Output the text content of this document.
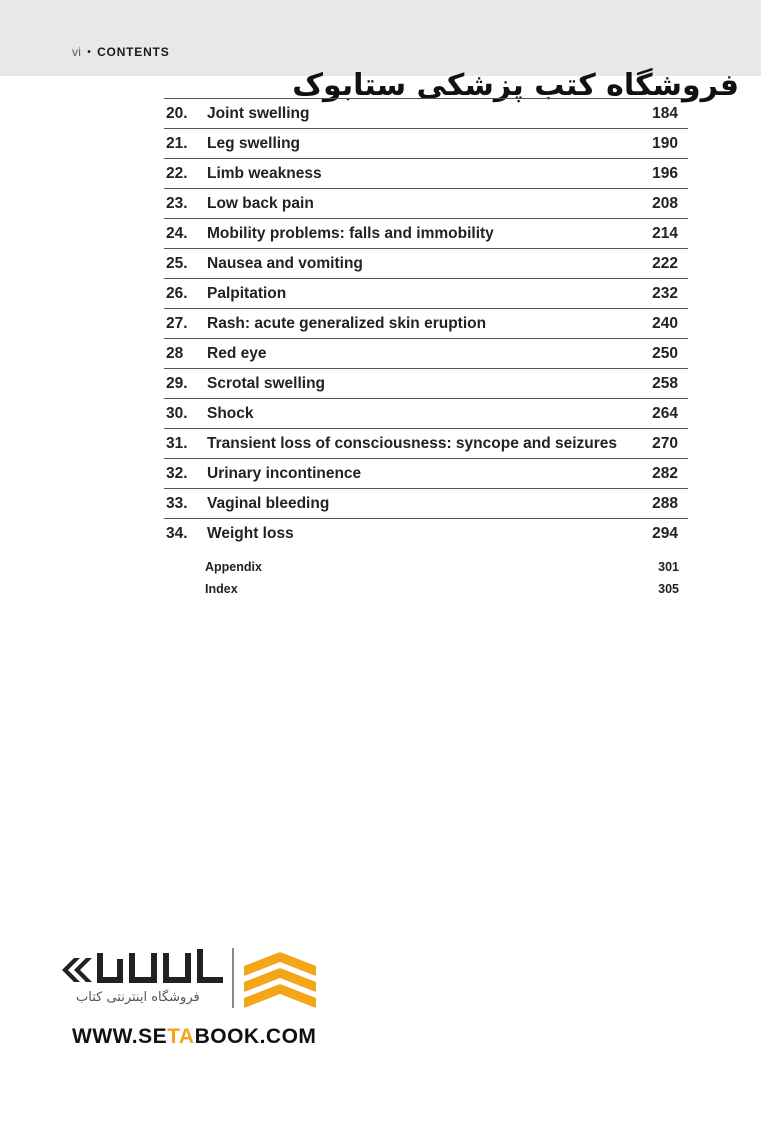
vi • CONTENTS
فروشگاه کتب پزشکی ستابوک
20.	Joint swelling	184
21.	Leg swelling	190
22.	Limb weakness	196
23.	Low back pain	208
24.	Mobility problems: falls and immobility	214
25.	Nausea and vomiting	222
26.	Palpitation	232
27.	Rash: acute generalized skin eruption	240
28	Red eye	250
29.	Scrotal swelling	258
30.	Shock	264
31.	Transient loss of consciousness: syncope and seizures	270
32.	Urinary incontinence	282
33.	Vaginal bleeding	288
34.	Weight loss	294
Appendix	301
Index	305
فروشگاه اینترنتی کتاب
WWW.SETABOOK.COM
